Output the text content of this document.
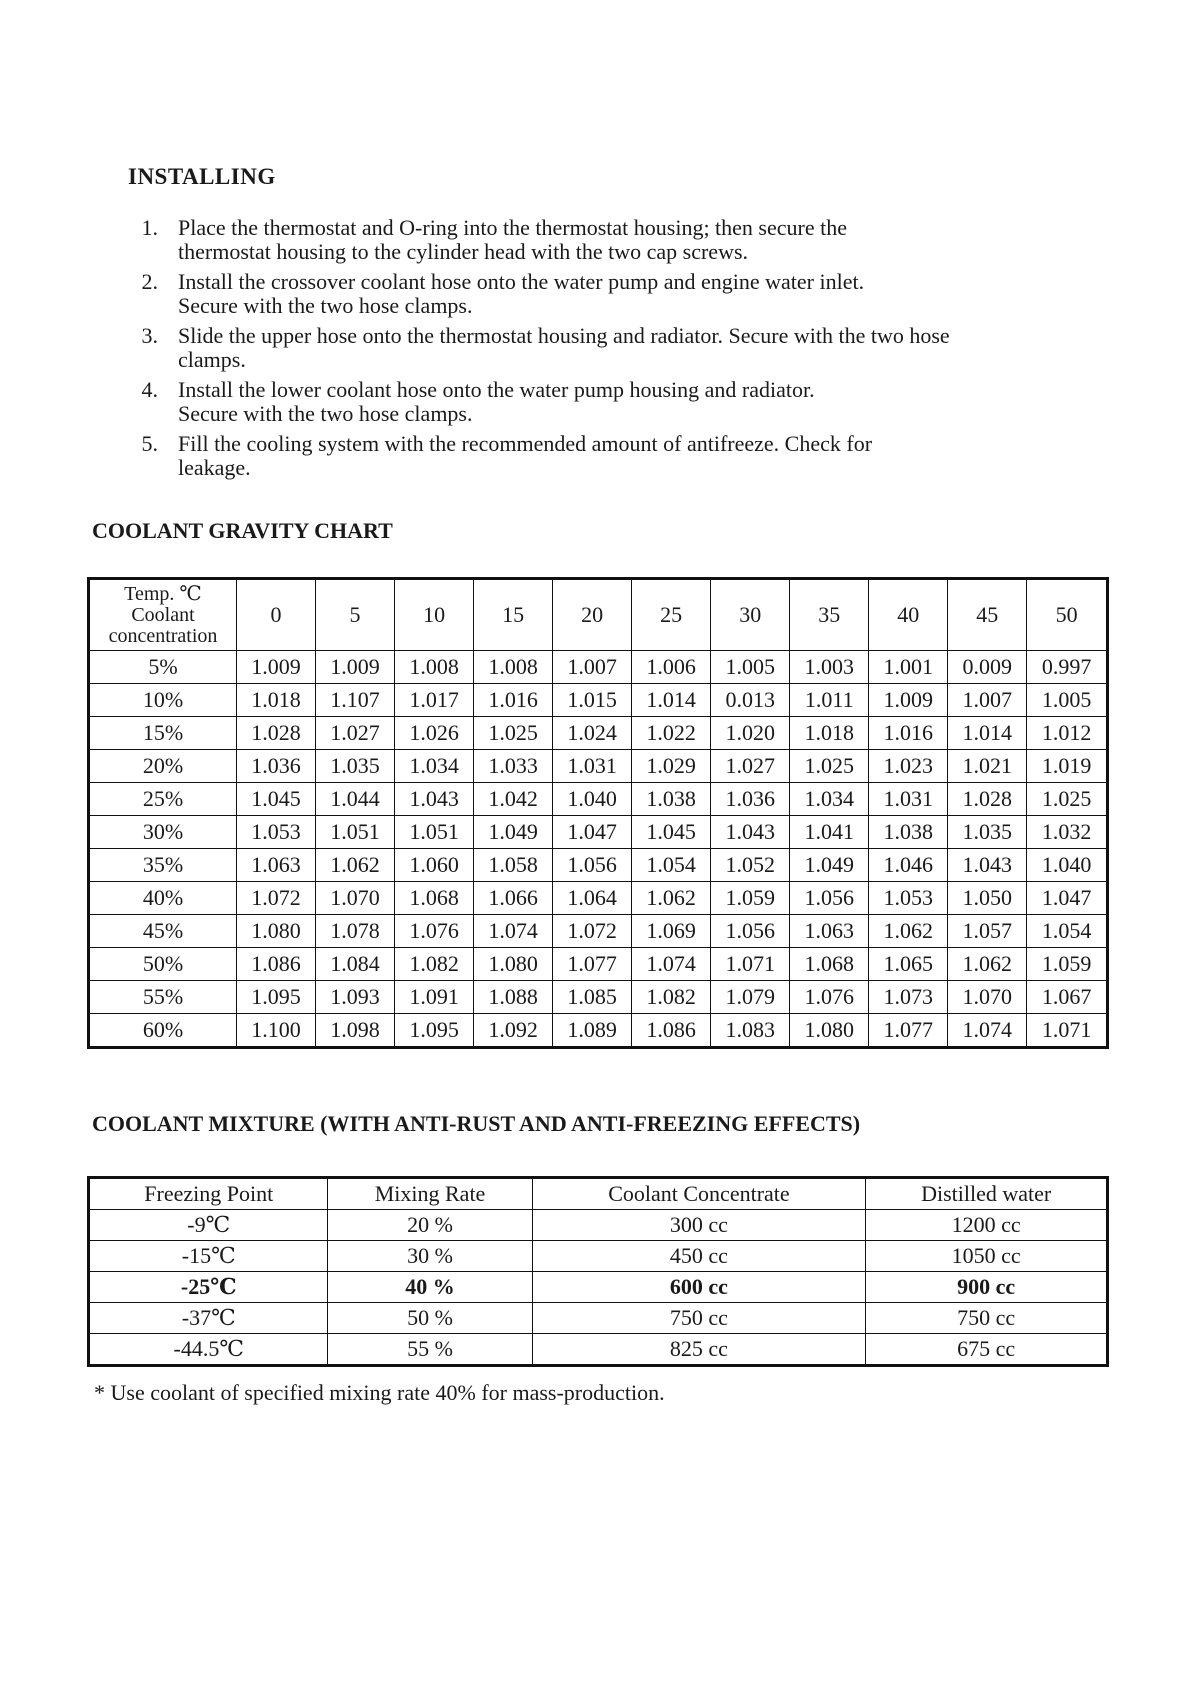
INSTALLING
1. Place the thermostat and O-ring into the thermostat housing; then secure the
thermostat housing to the cylinder head with the two cap screws.
2. Install the crossover coolant hose onto the water pump and engine water inlet.
Secure with the two hose clamps.
3. Slide the upper hose onto the thermostat housing and radiator. Secure with the two hose
clamps.
4. Install the lower coolant hose onto the water pump housing and radiator.
Secure with the two hose clamps.
5. Fill the cooling system with the recommended amount of antifreeze. Check for
leakage.
COOLANT GRAVITY CHART
Temp. ℃
Coolant
concentration	0	5	10	15	20	25	30	35	40	45	50
5%	1.009	1.009	1.008	1.008	1.007	1.006	1.005	1.003	1.001	0.009	0.997
10%	1.018	1.107	1.017	1.016	1.015	1.014	0.013	1.011	1.009	1.007	1.005
15%	1.028	1.027	1.026	1.025	1.024	1.022	1.020	1.018	1.016	1.014	1.012
20%	1.036	1.035	1.034	1.033	1.031	1.029	1.027	1.025	1.023	1.021	1.019
25%	1.045	1.044	1.043	1.042	1.040	1.038	1.036	1.034	1.031	1.028	1.025
30%	1.053	1.051	1.051	1.049	1.047	1.045	1.043	1.041	1.038	1.035	1.032
35%	1.063	1.062	1.060	1.058	1.056	1.054	1.052	1.049	1.046	1.043	1.040
40%	1.072	1.070	1.068	1.066	1.064	1.062	1.059	1.056	1.053	1.050	1.047
45%	1.080	1.078	1.076	1.074	1.072	1.069	1.056	1.063	1.062	1.057	1.054
50%	1.086	1.084	1.082	1.080	1.077	1.074	1.071	1.068	1.065	1.062	1.059
55%	1.095	1.093	1.091	1.088	1.085	1.082	1.079	1.076	1.073	1.070	1.067
60%	1.100	1.098	1.095	1.092	1.089	1.086	1.083	1.080	1.077	1.074	1.071
COOLANT MIXTURE (WITH ANTI-RUST AND ANTI-FREEZING EFFECTS)
Freezing Point	Mixing Rate	Coolant Concentrate	Distilled water
-9℃	20 %	300 cc	1200 cc
-15℃	30 %	450 cc	1050 cc
-25℃	40 %	600 cc	900 cc
-37℃	50 %	750 cc	750 cc
-44.5℃	55 %	825 cc	675 cc
* Use coolant of specified mixing rate 40% for mass-production.
